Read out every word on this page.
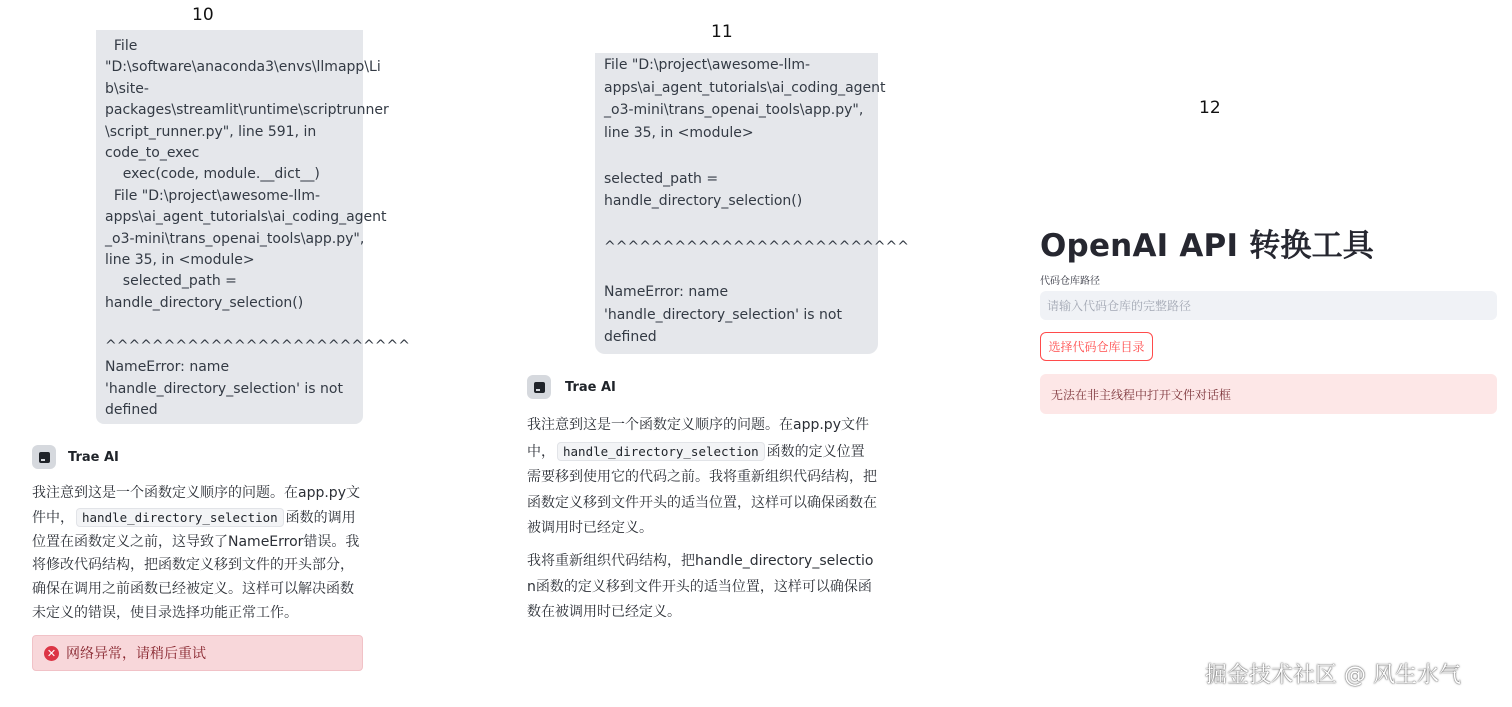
10
File
"D:\software\anaconda3\envs\llmapp\Li
b\site-
packages\streamlit\runtime\scriptrunner
\script_runner.py", line 591, in
code_to_exec
exec(code, module.__dict__)
File "D:\project\awesome-llm-
apps\ai_agent_tutorials\ai_coding_agent
_o3-mini\trans_openai_tools\app.py",
line 35, in <module>
selected_path =
handle_directory_selection()

^^^^^^^^^^^^^^^^^^^^^^^^^^
NameError: name
'handle_directory_selection' is not
defined
Trae AI
我注意到这是一个函数定义顺序的问题。在app.py文件中， handle_directory_selection 函数的调用位置在函数定义之前，这导致了NameError错误。我将修改代码结构，把函数定义移到文件的开头部分，确保在调用之前函数已经被定义。这样可以解决函数未定义的错误，使目录选择功能正常工作。
✕ 网络异常，请稍后重试
11
File "D:\project\awesome-llm-
apps\ai_agent_tutorials\ai_coding_agent
_o3-mini\trans_openai_tools\app.py",
line 35, in <module>

selected_path =
handle_directory_selection()

^^^^^^^^^^^^^^^^^^^^^^^^^^

NameError: name
'handle_directory_selection' is not
defined
Trae AI
我注意到这是一个函数定义顺序的问题。在app.py文件中， handle_directory_selection 函数的定义位置需要移到使用它的代码之前。我将重新组织代码结构，把函数定义移到文件开头的适当位置，这样可以确保函数在被调用时已经定义。
我将重新组织代码结构，把handle_directory_selection函数的定义移到文件开头的适当位置，这样可以确保函数在被调用时已经定义。
12
OpenAI API 转换工具
代码仓库路径
请输入代码仓库的完整路径
选择代码仓库目录
无法在非主线程中打开文件对话框
掘金技术社区 @ 风生水气
